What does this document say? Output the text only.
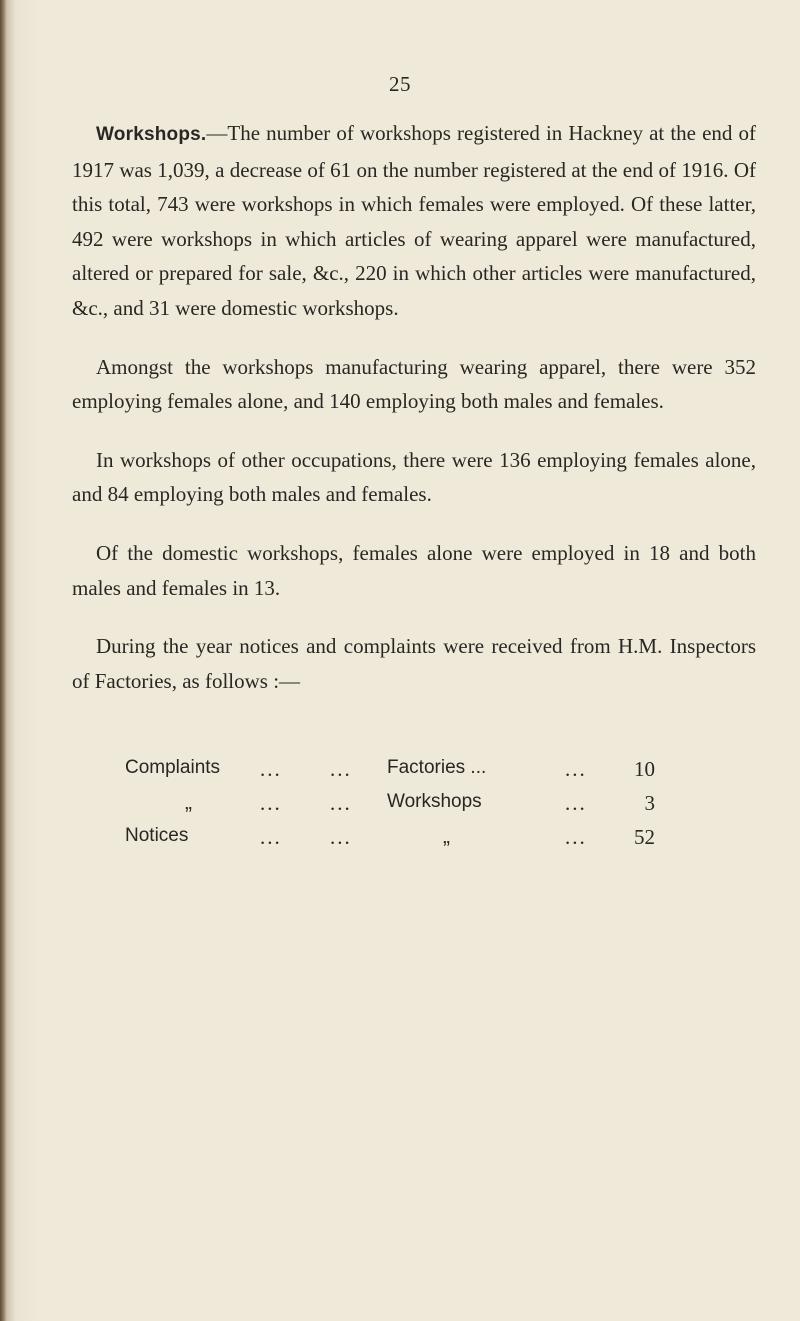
25

Workshops.—The number of workshops registered in Hackney at the end of 1917 was 1,039, a decrease of 61 on the number registered at the end of 1916. Of this total, 743 were workshops in which females were employed. Of these latter, 492 were workshops in which articles of wearing apparel were manufactured, altered or prepared for sale, &c., 220 in which other articles were manufactured, &c., and 31 were domestic workshops.

Amongst the workshops manufacturing wearing apparel, there were 352 employing females alone, and 140 employing both males and females.

In workshops of other occupations, there were 136 employing females alone, and 84 employing both males and females.

Of the domestic workshops, females alone were employed in 18 and both males and females in 13.

During the year notices and complaints were received from H.M. Inspectors of Factories, as follows :—

Complaints ... ... Factories ...	...	10
„	... ... Workshops	...	3
Notices	... ...	„	...	52
